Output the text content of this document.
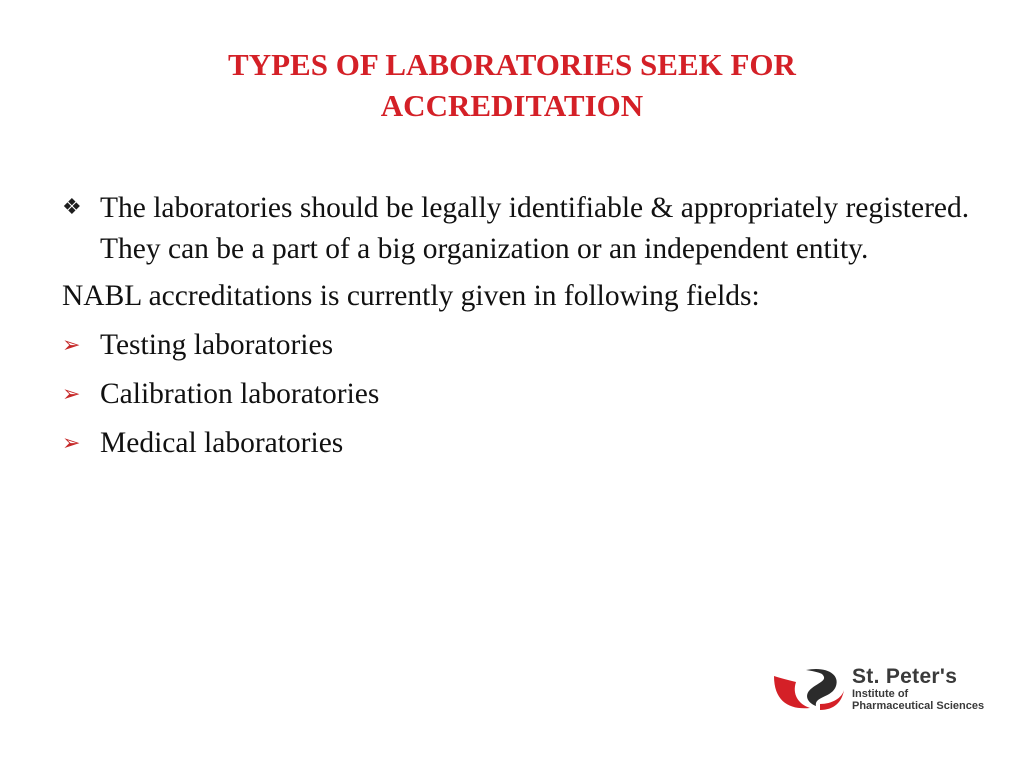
TYPES OF LABORATORIES SEEK FOR
ACCREDITATION
❖ The laboratories should be legally identifiable & appropriately registered. They can be a part of a big organization or an independent entity.
NABL accreditations is currently given in following fields:
➢ Testing laboratories
➢ Calibration laboratories
➢ Medical laboratories
St. Peter's
Institute of
Pharmaceutical Sciences
